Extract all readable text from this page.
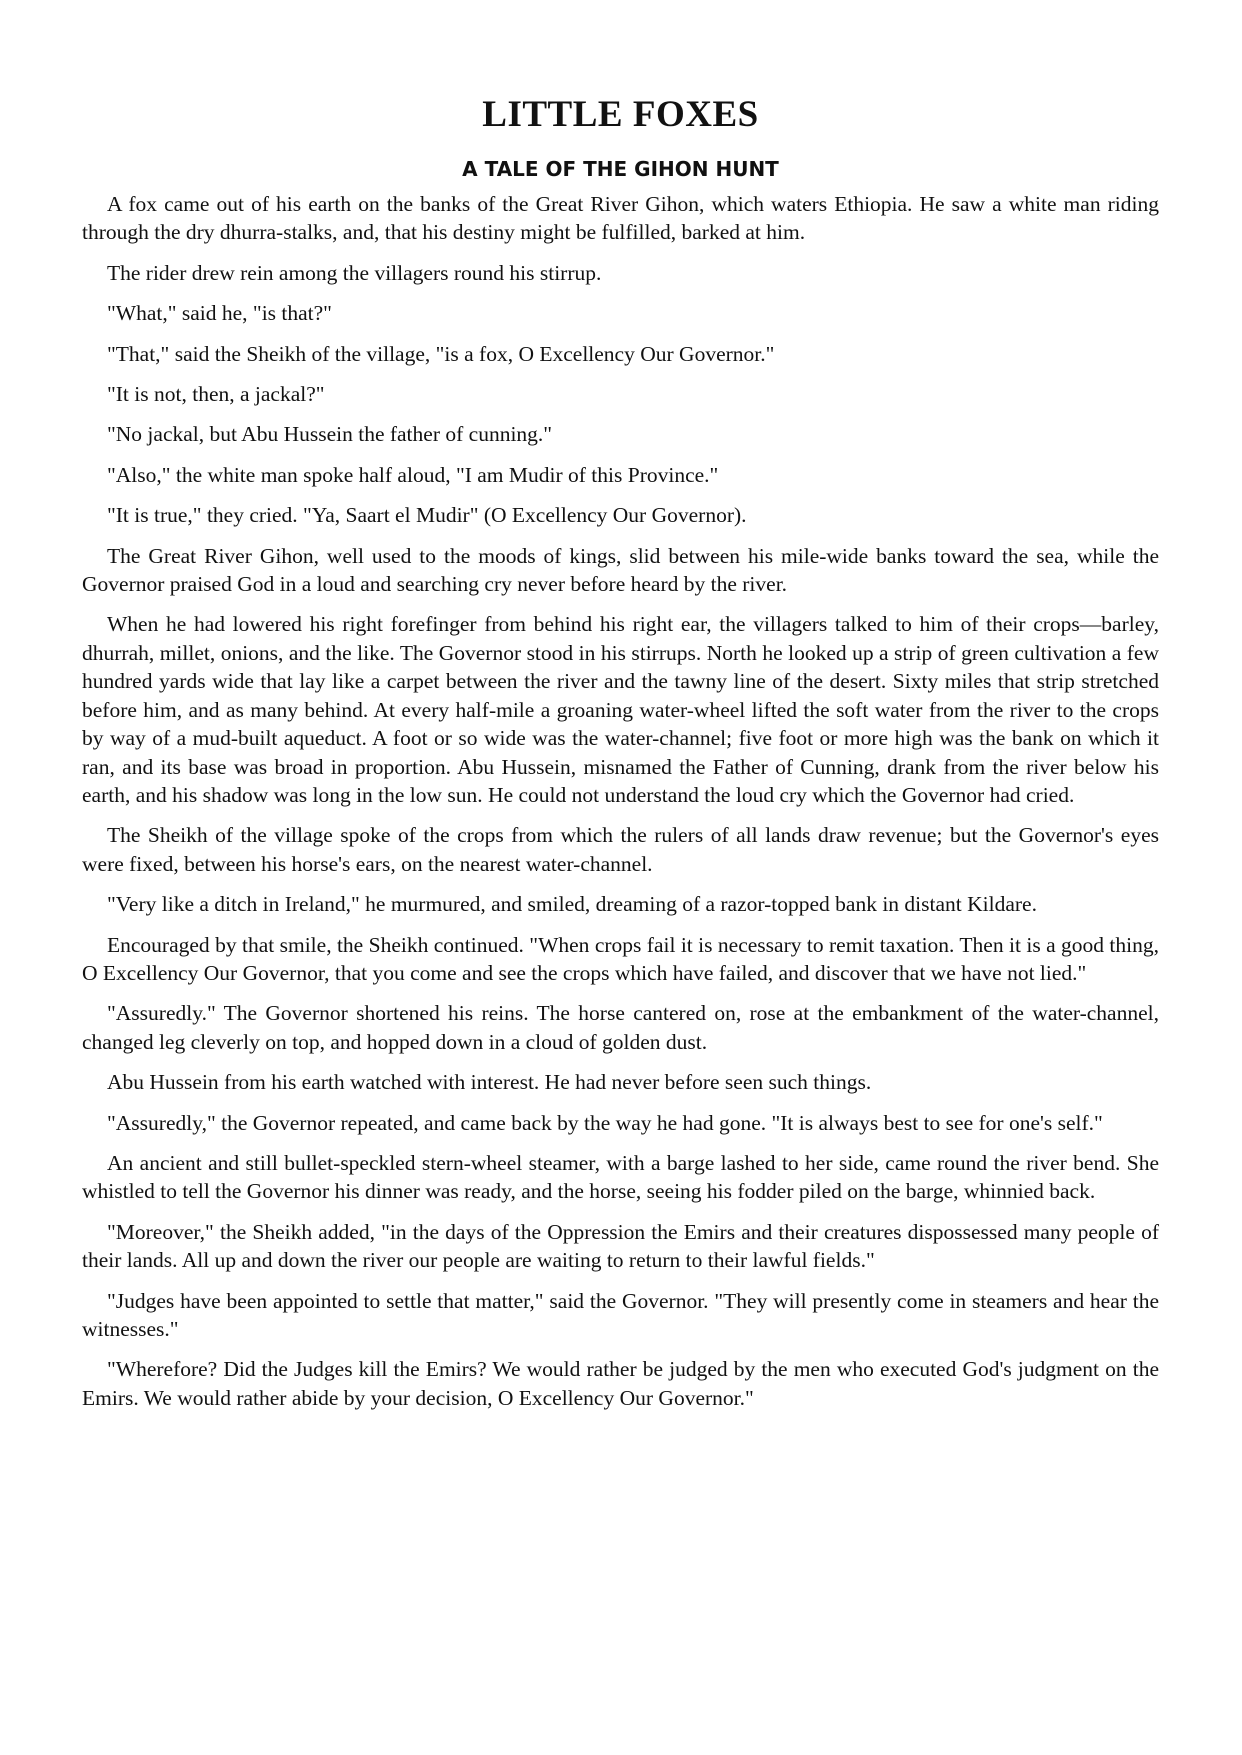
LITTLE FOXES
A TALE OF THE GIHON HUNT

A fox came out of his earth on the banks of the Great River Gihon, which waters Ethiopia. He saw a white man riding through the dry dhurra-stalks, and, that his destiny might be fulfilled, barked at him.

The rider drew rein among the villagers round his stirrup.

"What," said he, "is that?"

"That," said the Sheikh of the village, "is a fox, O Excellency Our Governor."

"It is not, then, a jackal?"

"No jackal, but Abu Hussein the father of cunning."

"Also," the white man spoke half aloud, "I am Mudir of this Province."

"It is true," they cried. "Ya, Saart el Mudir" (O Excellency Our Governor).

The Great River Gihon, well used to the moods of kings, slid between his mile-wide banks toward the sea, while the Governor praised God in a loud and searching cry never before heard by the river.

When he had lowered his right forefinger from behind his right ear, the villagers talked to him of their crops—barley, dhurrah, millet, onions, and the like. The Governor stood in his stirrups. North he looked up a strip of green cultivation a few hundred yards wide that lay like a carpet between the river and the tawny line of the desert. Sixty miles that strip stretched before him, and as many behind. At every half-mile a groaning water-wheel lifted the soft water from the river to the crops by way of a mud-built aqueduct. A foot or so wide was the water-channel; five foot or more high was the bank on which it ran, and its base was broad in proportion. Abu Hussein, misnamed the Father of Cunning, drank from the river below his earth, and his shadow was long in the low sun. He could not understand the loud cry which the Governor had cried.

The Sheikh of the village spoke of the crops from which the rulers of all lands draw revenue; but the Governor's eyes were fixed, between his horse's ears, on the nearest water-channel.

"Very like a ditch in Ireland," he murmured, and smiled, dreaming of a razor-topped bank in distant Kildare.

Encouraged by that smile, the Sheikh continued. "When crops fail it is necessary to remit taxation. Then it is a good thing, O Excellency Our Governor, that you come and see the crops which have failed, and discover that we have not lied."

"Assuredly." The Governor shortened his reins. The horse cantered on, rose at the embankment of the water-channel, changed leg cleverly on top, and hopped down in a cloud of golden dust.

Abu Hussein from his earth watched with interest. He had never before seen such things.

"Assuredly," the Governor repeated, and came back by the way he had gone. "It is always best to see for one's self."

An ancient and still bullet-speckled stern-wheel steamer, with a barge lashed to her side, came round the river bend. She whistled to tell the Governor his dinner was ready, and the horse, seeing his fodder piled on the barge, whinnied back.

"Moreover," the Sheikh added, "in the days of the Oppression the Emirs and their creatures dispossessed many people of their lands. All up and down the river our people are waiting to return to their lawful fields."

"Judges have been appointed to settle that matter," said the Governor. "They will presently come in steamers and hear the witnesses."

"Wherefore? Did the Judges kill the Emirs? We would rather be judged by the men who executed God's judgment on the Emirs. We would rather abide by your decision, O Excellency Our Governor."
